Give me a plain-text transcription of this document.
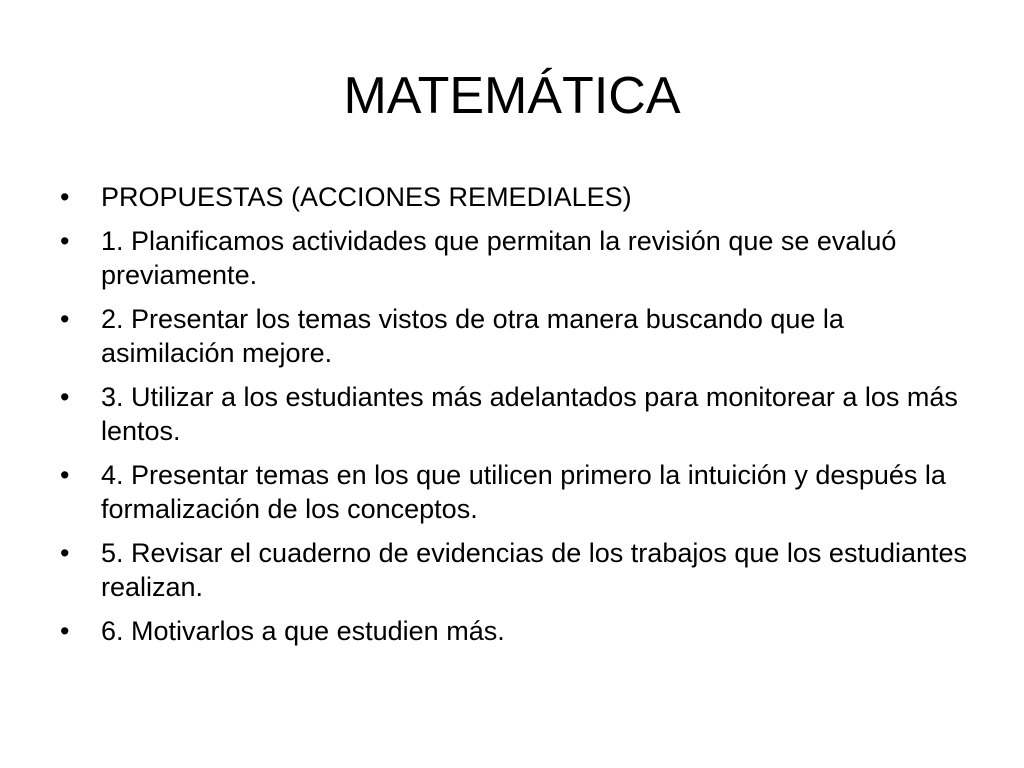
MATEMÁTICA
•	PROPUESTAS (ACCIONES REMEDIALES)
•	1. Planificamos actividades que permitan la revisión que se evaluó previamente.
•	2. Presentar los temas vistos de otra manera buscando que la asimilación mejore.
•	3. Utilizar a los estudiantes más adelantados para monitorear a los más lentos.
•	4. Presentar temas en los que utilicen primero la intuición y después la formalización de los conceptos.
•	5. Revisar el cuaderno de evidencias de los trabajos que los estudiantes realizan.
•	6. Motivarlos a que estudien más.
